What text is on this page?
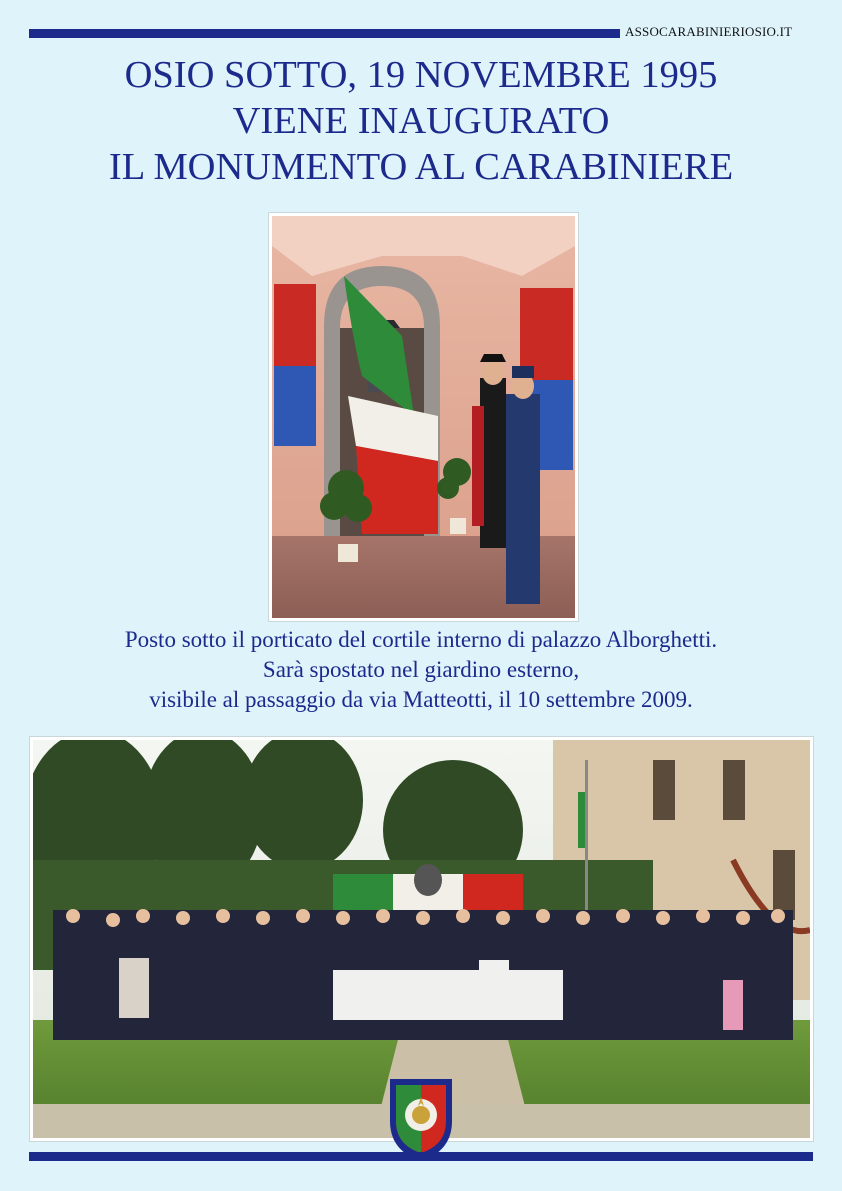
ASSOCARABINIERIOSIO.IT
OSIO SOTTO, 19 NOVEMBRE 1995
VIENE INAUGURATO
IL MONUMENTO AL CARABINIERE
Posto sotto il porticato del cortile interno di palazzo Alborghetti.
Sarà spostato nel giardino esterno,
visibile al passaggio da via Matteotti, il 10 settembre 2009.
